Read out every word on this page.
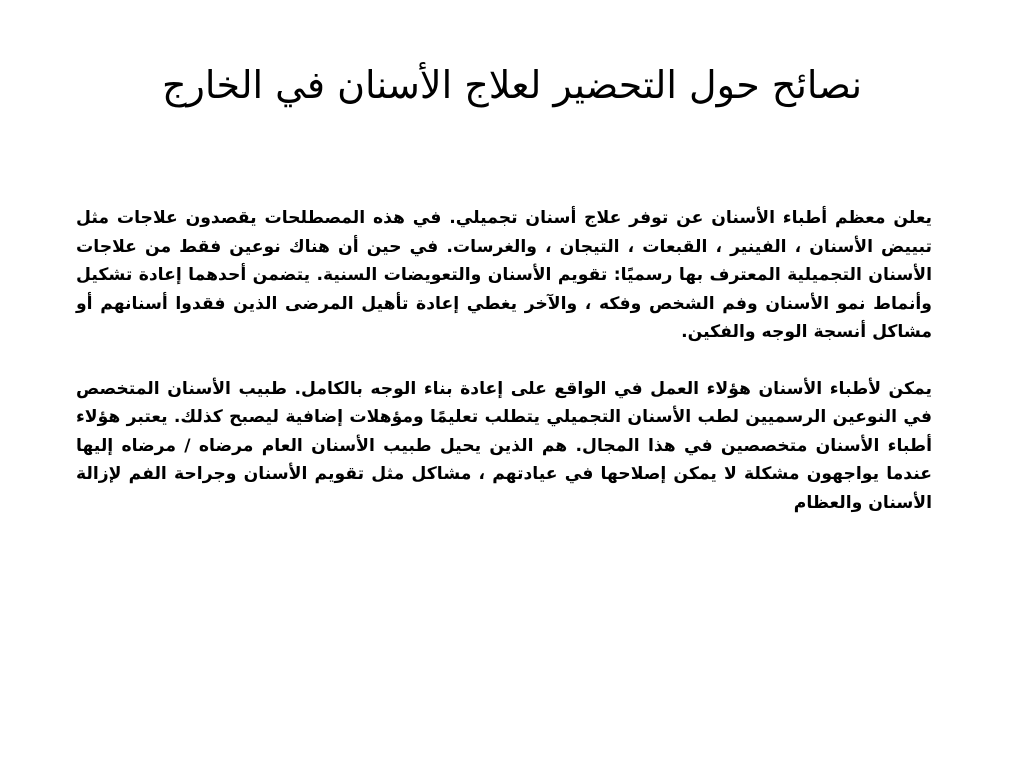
نصائح حول التحضير لعلاج الأسنان في الخارج

يعلن معظم أطباء الأسنان عن توفر علاج أسنان تجميلي. في هذه المصطلحات يقصدون علاجات مثل تبييض الأسنان ، الفينير ، القبعات ، التيجان ، والغرسات. في حين أن هناك نوعين فقط من علاجات الأسنان التجميلية المعترف بها رسميًا: تقويم الأسنان والتعويضات السنية. يتضمن أحدهما إعادة تشكيل وأنماط نمو الأسنان وفم الشخص وفكه ، والآخر يغطي إعادة تأهيل المرضى الذين فقدوا أسنانهم أو مشاكل أنسجة الوجه والفكين.

يمكن لأطباء الأسنان هؤلاء العمل في الواقع على إعادة بناء الوجه بالكامل. طبيب الأسنان المتخصص في النوعين الرسميين لطب الأسنان التجميلي يتطلب تعليمًا ومؤهلات إضافية ليصبح كذلك. يعتبر هؤلاء أطباء الأسنان متخصصين في هذا المجال. هم الذين يحيل طبيب الأسنان العام مرضاه / مرضاه إليها عندما يواجهون مشكلة لا يمكن إصلاحها في عيادتهم ، مشاكل مثل تقويم الأسنان وجراحة الفم لإزالة الأسنان والعظام
